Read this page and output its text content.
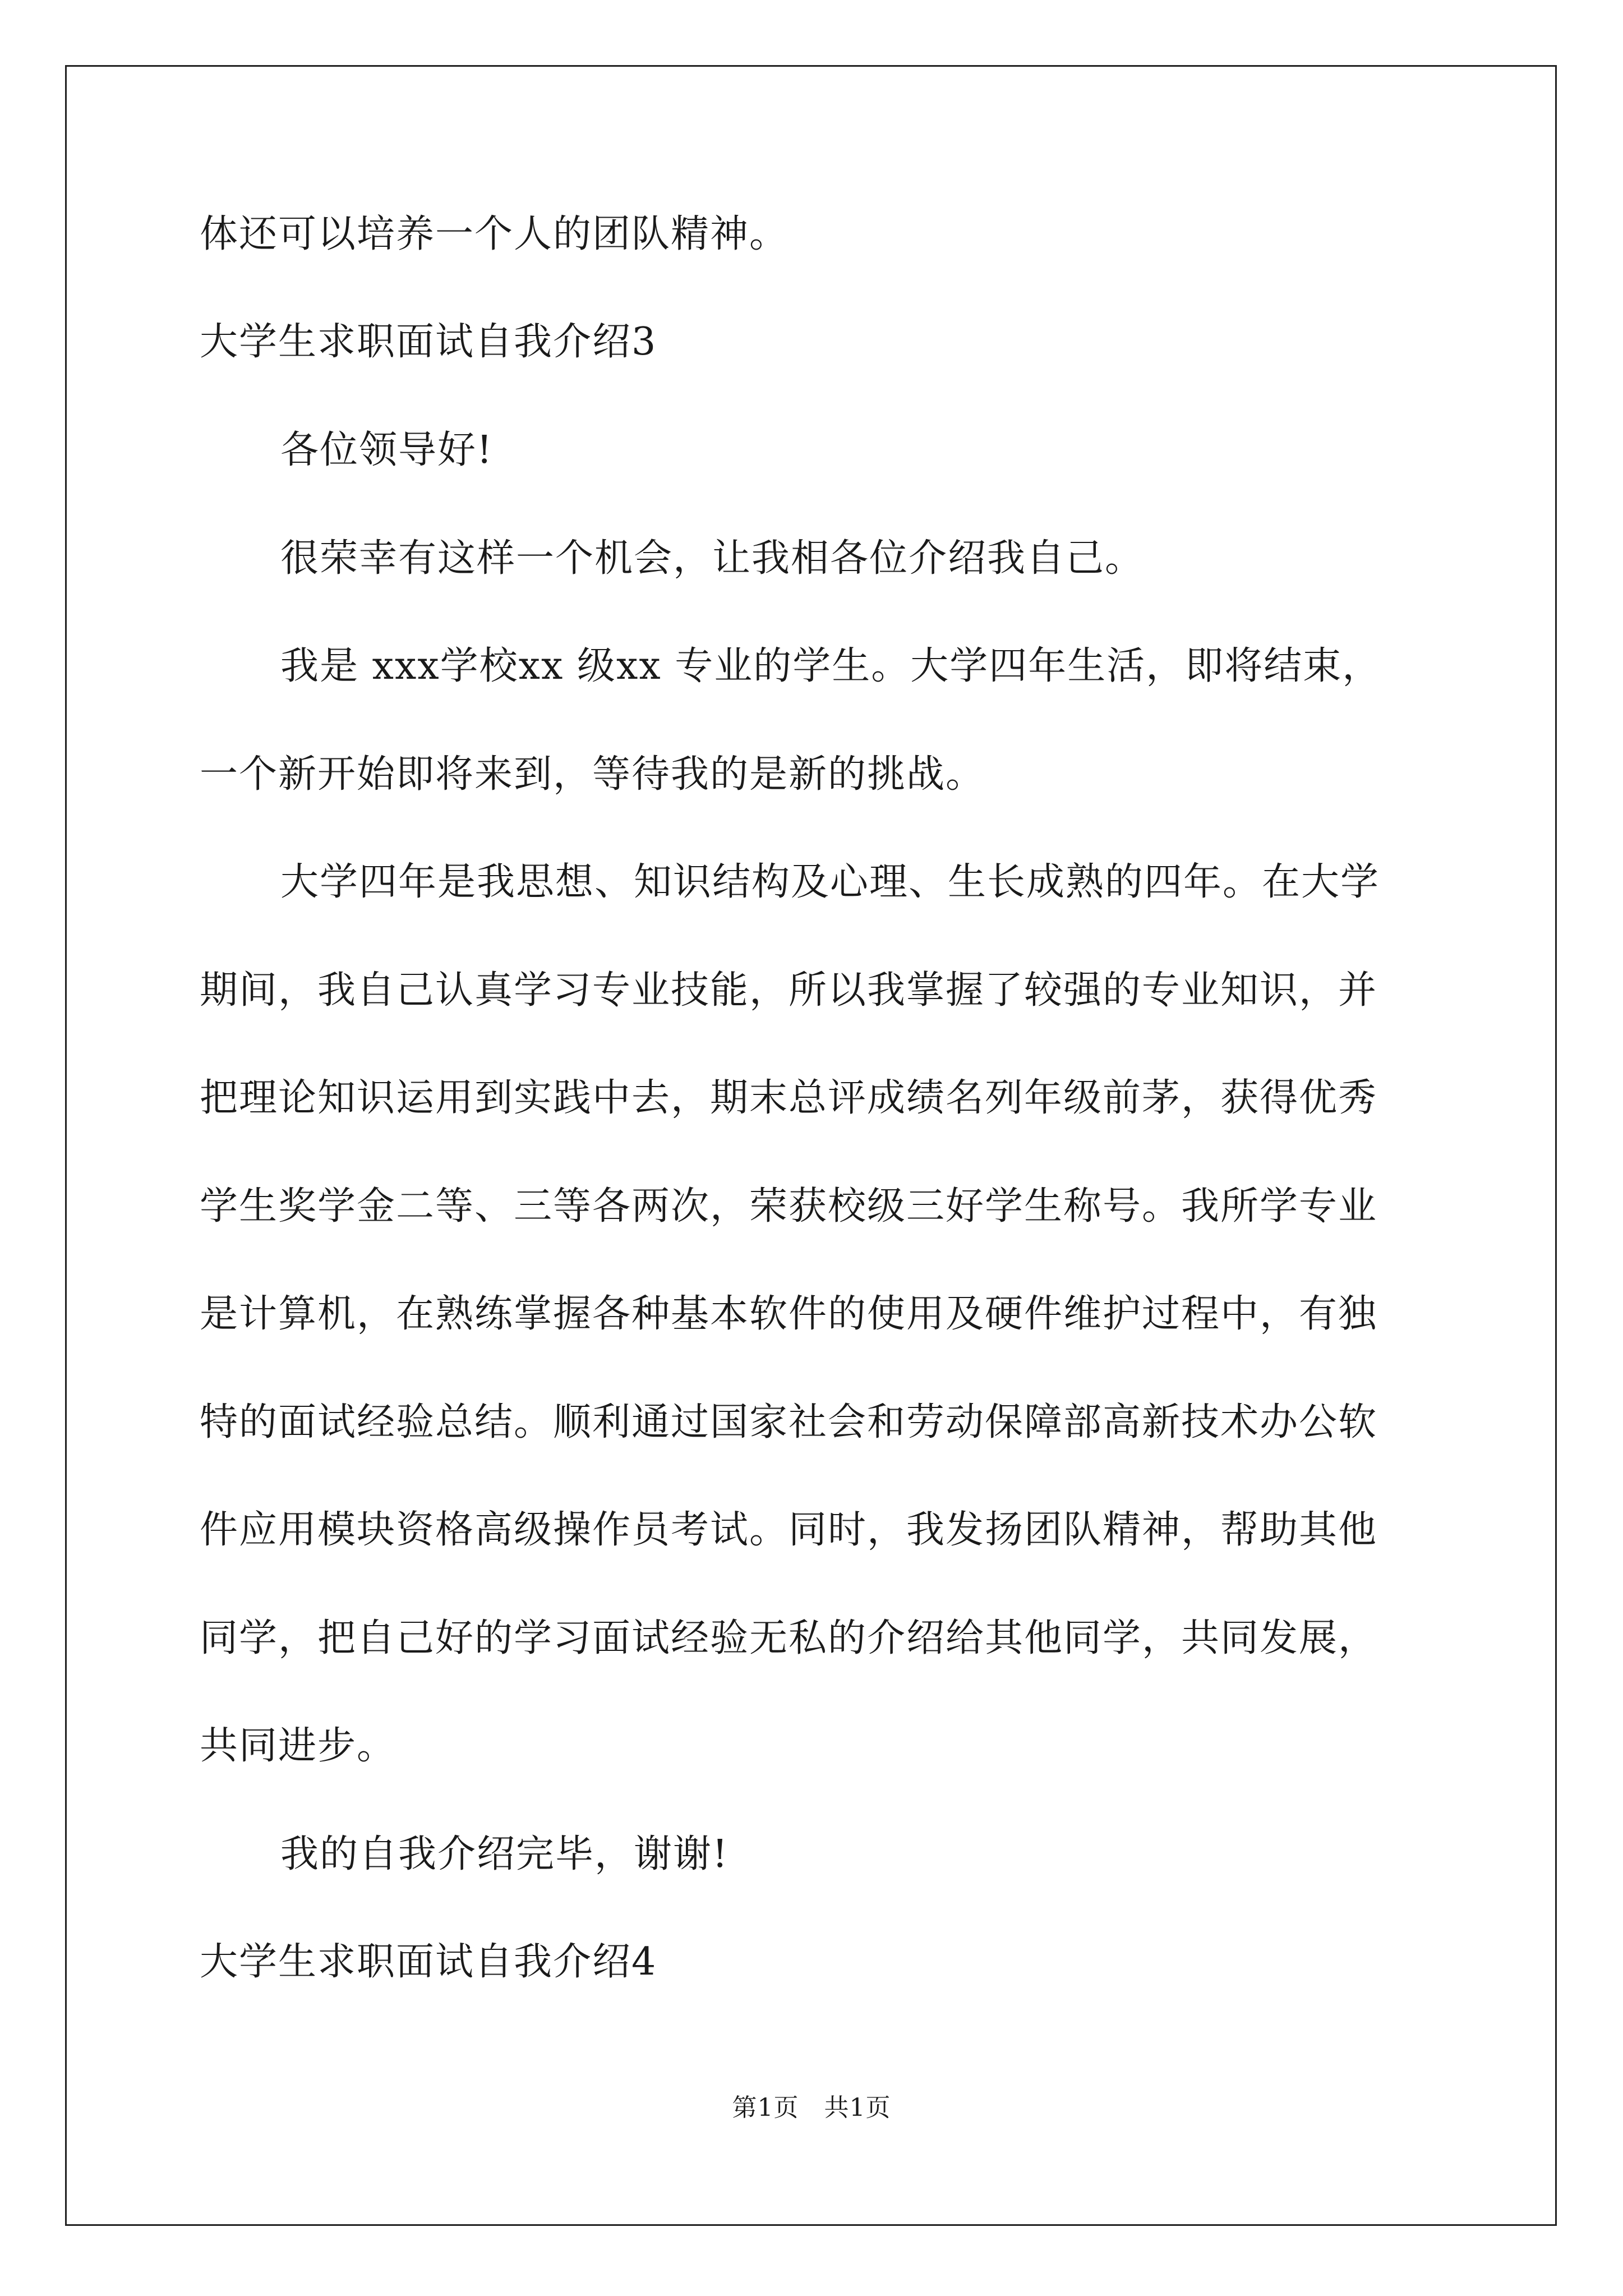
体还可以培养一个人的团队精神。
大学生求职面试自我介绍3
各位领导好!
很荣幸有这样一个机会，让我相各位介绍我自己。
我是 xxx学校xx 级xx 专业的学生。大学四年生活，即将结束，
一个新开始即将来到，等待我的是新的挑战。
大学四年是我思想、知识结构及心理、生长成熟的四年。在大学
期间，我自己认真学习专业技能，所以我掌握了较强的专业知识，并
把理论知识运用到实践中去，期末总评成绩名列年级前茅，获得优秀
学生奖学金二等、三等各两次，荣获校级三好学生称号。我所学专业
是计算机，在熟练掌握各种基本软件的使用及硬件维护过程中，有独
特的面试经验总结。顺利通过国家社会和劳动保障部高新技术办公软
件应用模块资格高级操作员考试。同时，我发扬团队精神，帮助其他
同学，把自己好的学习面试经验无私的介绍给其他同学，共同发展，
共同进步。
我的自我介绍完毕，谢谢!
大学生求职面试自我介绍4
第1页　共1页
